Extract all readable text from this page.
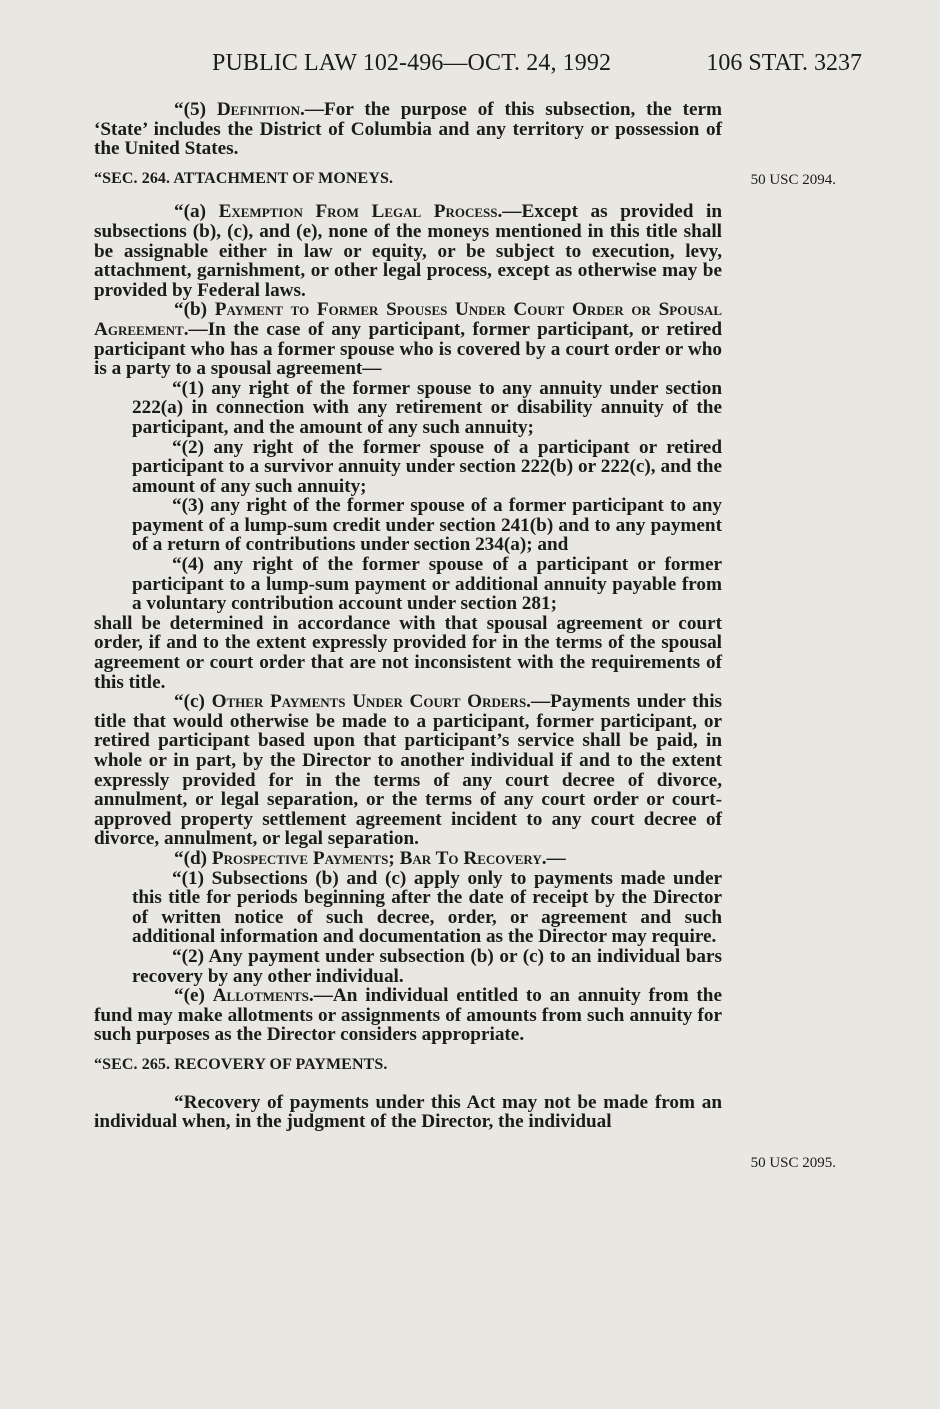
PUBLIC LAW 102-496—OCT. 24, 1992	106 STAT. 3237
50 USC 2094.
50 USC 2095.

“(5) Definition.—For the purpose of this subsection, the term ‘State’ includes the District of Columbia and any territory or possession of the United States.

“SEC. 264. ATTACHMENT OF MONEYS.

“(a) Exemption From Legal Process.—Except as provided in subsections (b), (c), and (e), none of the moneys mentioned in this title shall be assignable either in law or equity, or be subject to execution, levy, attachment, garnishment, or other legal process, except as otherwise may be provided by Federal laws.

“(b) Payment to Former Spouses Under Court Order or Spousal Agreement.—In the case of any participant, former participant, or retired participant who has a former spouse who is covered by a court order or who is a party to a spousal agreement—

“(1) any right of the former spouse to any annuity under section 222(a) in connection with any retirement or disability annuity of the participant, and the amount of any such annuity;

“(2) any right of the former spouse of a participant or retired participant to a survivor annuity under section 222(b) or 222(c), and the amount of any such annuity;

“(3) any right of the former spouse of a former participant to any payment of a lump-sum credit under section 241(b) and to any payment of a return of contributions under section 234(a); and

“(4) any right of the former spouse of a participant or former participant to a lump-sum payment or additional annuity payable from a voluntary contribution account under section 281;

shall be determined in accordance with that spousal agreement or court order, if and to the extent expressly provided for in the terms of the spousal agreement or court order that are not inconsistent with the requirements of this title.

“(c) Other Payments Under Court Orders.—Payments under this title that would otherwise be made to a participant, former participant, or retired participant based upon that participant’s service shall be paid, in whole or in part, by the Director to another individual if and to the extent expressly provided for in the terms of any court decree of divorce, annulment, or legal separation, or the terms of any court order or court-approved property settlement agreement incident to any court decree of divorce, annulment, or legal separation.

“(d) Prospective Payments; Bar To Recovery.—

“(1) Subsections (b) and (c) apply only to payments made under this title for periods beginning after the date of receipt by the Director of written notice of such decree, order, or agreement and such additional information and documentation as the Director may require.

“(2) Any payment under subsection (b) or (c) to an individual bars recovery by any other individual.

“(e) Allotments.—An individual entitled to an annuity from the fund may make allotments or assignments of amounts from such annuity for such purposes as the Director considers appropriate.

“SEC. 265. RECOVERY OF PAYMENTS.

“Recovery of payments under this Act may not be made from an individual when, in the judgment of the Director, the individual
